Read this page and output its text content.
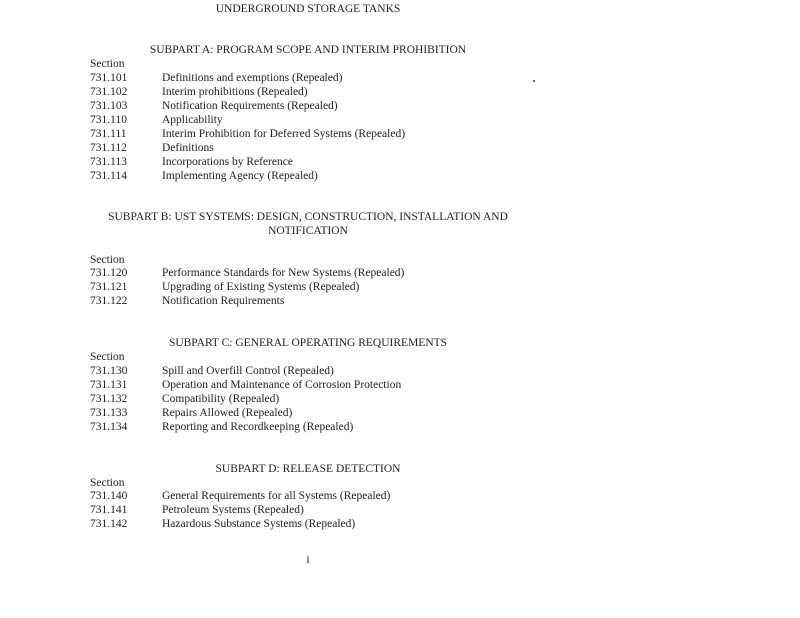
UNDERGROUND STORAGE TANKS
SUBPART A: PROGRAM SCOPE AND INTERIM PROHIBITION
Section
731.101	Definitions and exemptions (Repealed)
731.102	Interim prohibitions (Repealed)
731.103	Notification Requirements (Repealed)
731.110	Applicability
731.111	Interim Prohibition for Deferred Systems (Repealed)
731.112	Definitions
731.113	Incorporations by Reference
731.114	Implementing Agency (Repealed)
SUBPART B: UST SYSTEMS: DESIGN, CONSTRUCTION, INSTALLATION AND
NOTIFICATION
Section
731.120	Performance Standards for New Systems (Repealed)
731.121	Upgrading of Existing Systems (Repealed)
731.122	Notification Requirements
SUBPART C: GENERAL OPERATING REQUIREMENTS
Section
731.130	Spill and Overfill Control (Repealed)
731.131	Operation and Maintenance of Corrosion Protection
731.132	Compatibility (Repealed)
731.133	Repairs Allowed (Repealed)
731.134	Reporting and Recordkeeping (Repealed)
SUBPART D: RELEASE DETECTION
Section
731.140	General Requirements for all Systems (Repealed)
731.141	Petroleum Systems (Repealed)
731.142	Hazardous Substance Systems (Repealed)
i
